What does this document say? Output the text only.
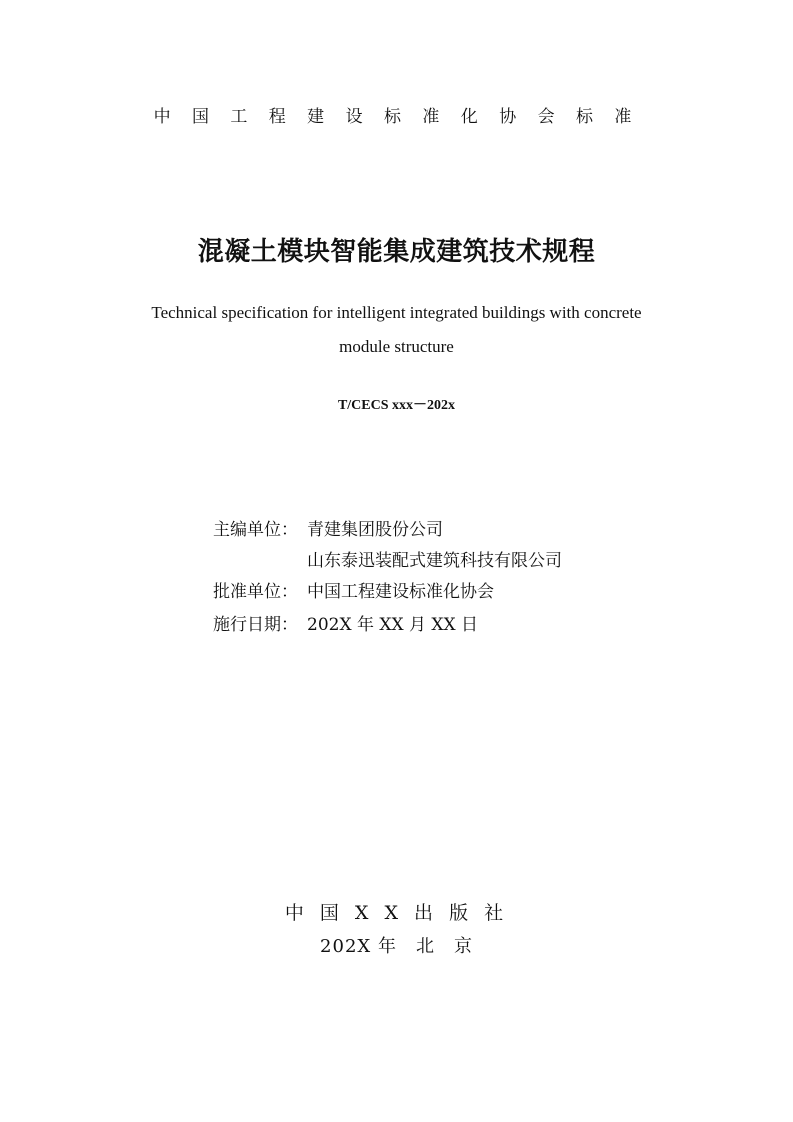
中 国 工 程 建 设 标 准 化 协 会 标 准
混凝土模块智能集成建筑技术规程
Technical specification for intelligent integrated buildings with concrete
module structure
T/CECS xxx－202x
主编单位： 青建集团股份公司
山东泰迅装配式建筑科技有限公司
批准单位： 中国工程建设标准化协会
施行日期： 202X 年 XX 月 XX 日
中 国 X X 出 版 社
202X 年　北　京
